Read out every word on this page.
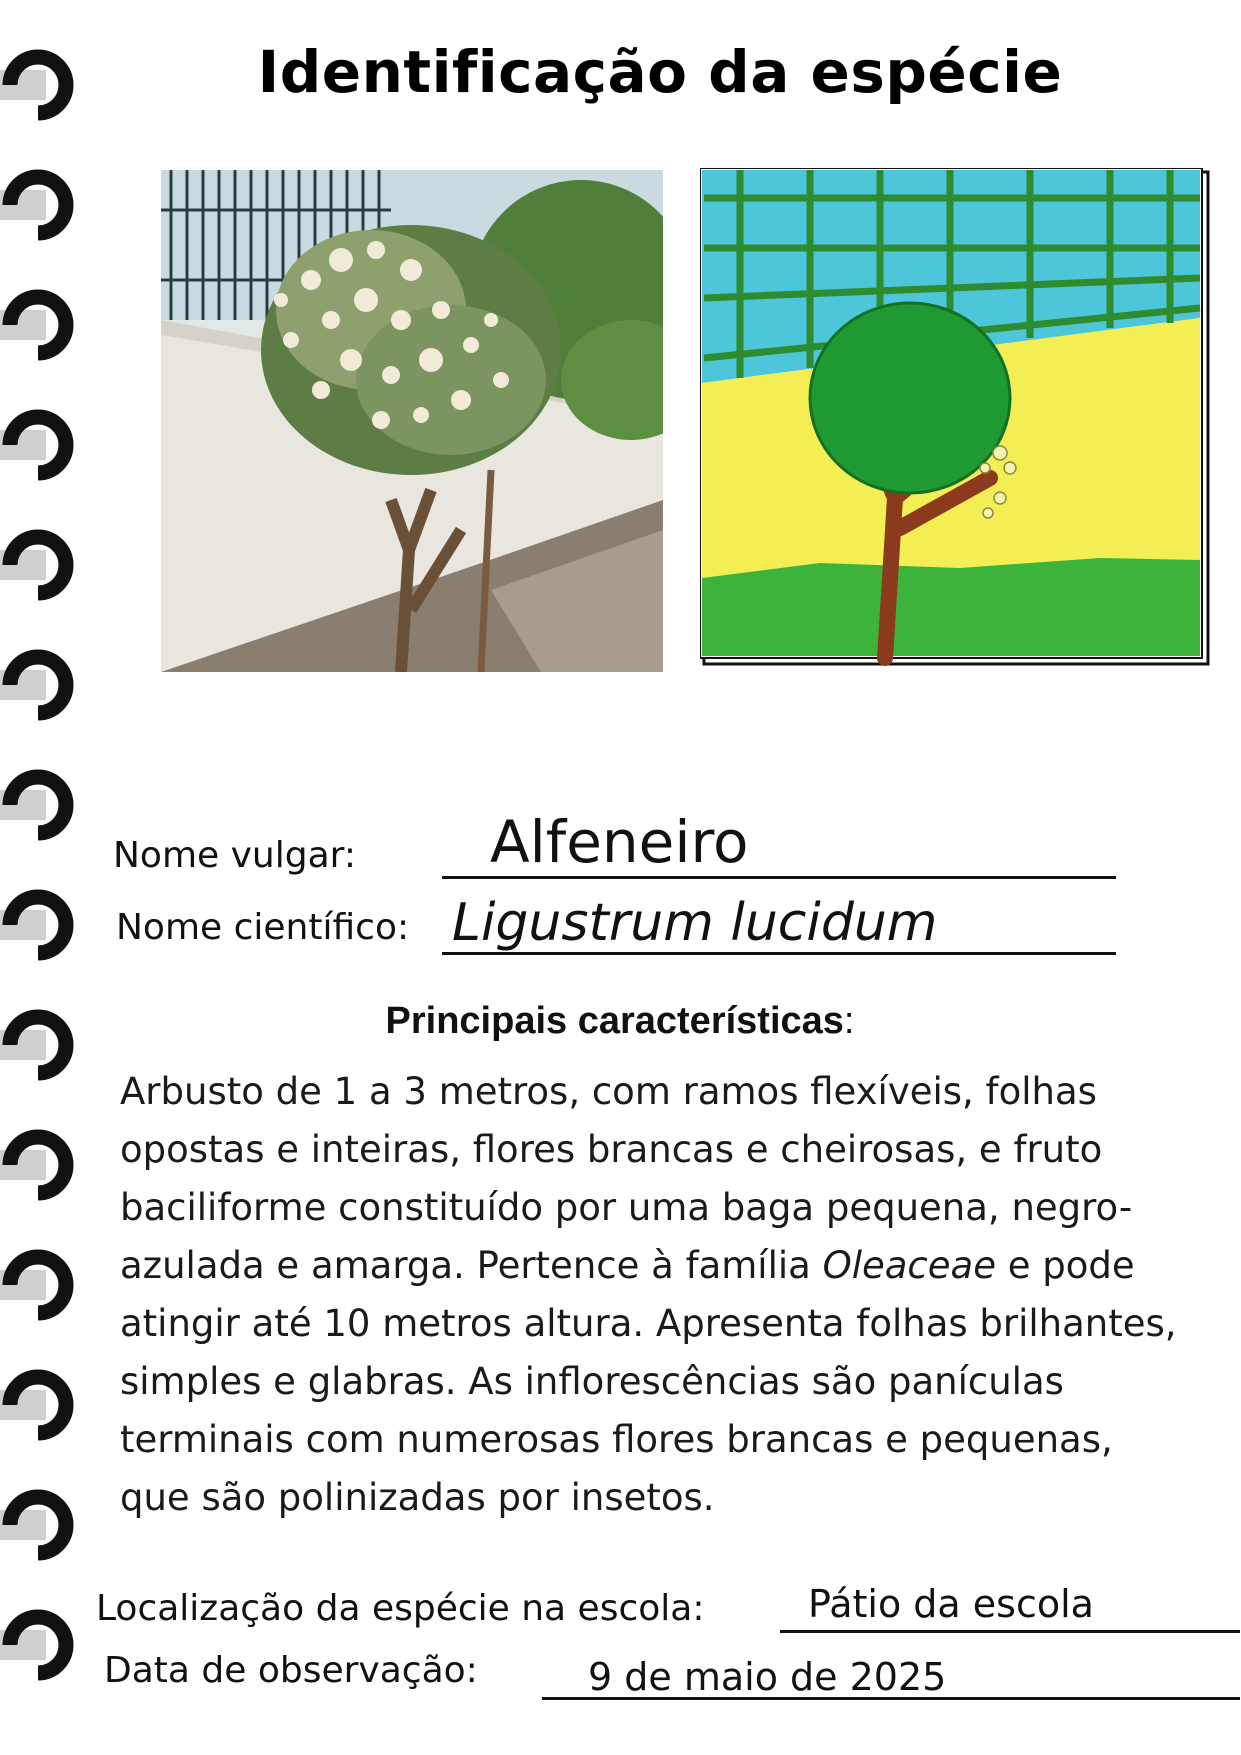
Identificação da espécie
Nome vulgar: Alfeneiro
Nome científico: Ligustrum lucidum
Principais características:

Arbusto de 1 a 3 metros, com ramos flexíveis, folhas opostas e inteiras, flores brancas e cheirosas, e fruto baciliforme constituído por uma baga pequena, negro-azulada e amarga. Pertence à família Oleaceae e pode atingir até 10 metros altura. Apresenta folhas brilhantes, simples e glabras. As inflorescências são panículas terminais com numerosas flores brancas e pequenas, que são polinizadas por insetos.

Localização da espécie na escola:	Pátio da escola
Data de observação:	9 de maio de 2025
